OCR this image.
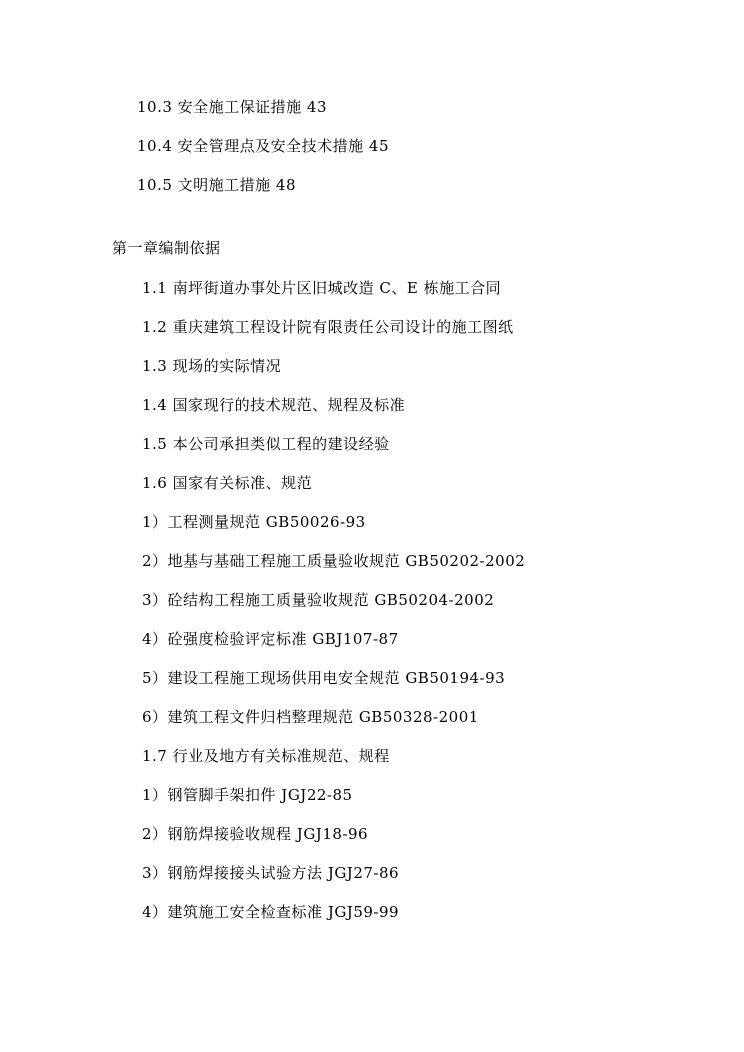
10.3 安全施工保证措施 43
10.4 安全管理点及安全技术措施 45
10.5 文明施工措施 48
第一章编制依据
1.1 南坪街道办事处片区旧城改造 C、E 栋施工合同
1.2 重庆建筑工程设计院有限责任公司设计的施工图纸
1.3 现场的实际情况
1.4 国家现行的技术规范、规程及标准
1.5 本公司承担类似工程的建设经验
1.6 国家有关标准、规范
1）工程测量规范 GB50026-93
2）地基与基础工程施工质量验收规范 GB50202-2002
3）砼结构工程施工质量验收规范 GB50204-2002
4）砼强度检验评定标准 GBJ107-87
5）建设工程施工现场供用电安全规范 GB50194-93
6）建筑工程文件归档整理规范 GB50328-2001
1.7 行业及地方有关标准规范、规程
1）钢管脚手架扣件 JGJ22-85
2）钢筋焊接验收规程 JGJ18-96
3）钢筋焊接接头试验方法 JGJ27-86
4）建筑施工安全检查标准 JGJ59-99
